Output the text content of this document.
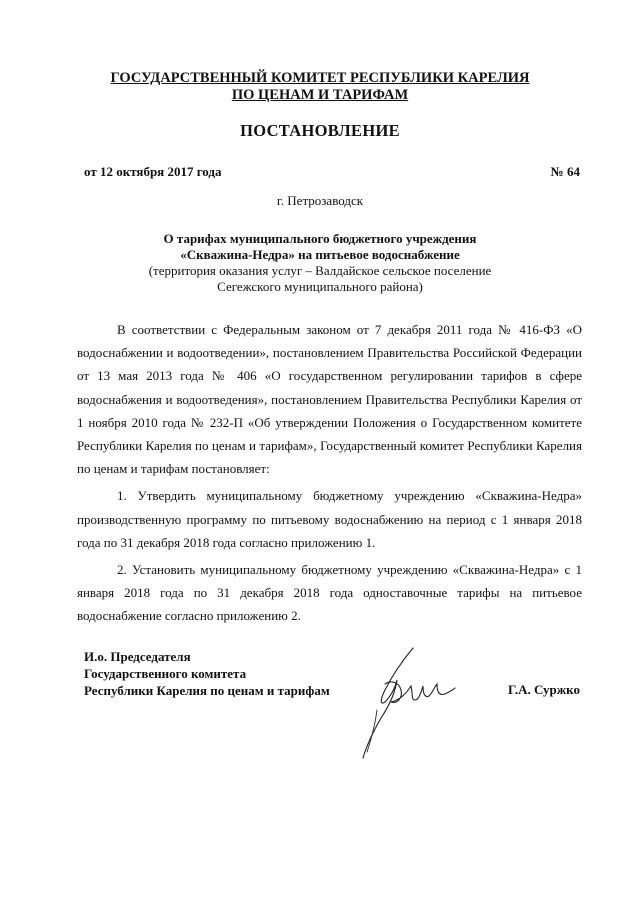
ГОСУДАРСТВЕННЫЙ КОМИТЕТ РЕСПУБЛИКИ КАРЕЛИЯ
ПО ЦЕНАМ И ТАРИФАМ
ПОСТАНОВЛЕНИЕ
от 12 октября 2017 года	№ 64
г. Петрозаводск
О тарифах муниципального бюджетного учреждения
«Скважина-Недра» на питьевое водоснабжение
(территория оказания услуг – Валдайское сельское поселение
Сегежского муниципального района)

В соответствии с Федеральным законом от 7 декабря 2011 года № 416-ФЗ «О водоснабжении и водоотведении», постановлением Правительства Российской Федерации от 13 мая 2013 года № 406 «О государственном регулировании тарифов в сфере водоснабжения и водоотведения», постановлением Правительства Республики Карелия от 1 ноября 2010 года № 232-П «Об утверждении Положения о Государственном комитете Республики Карелия по ценам и тарифам», Государственный комитет Республики Карелия по ценам и тарифам постановляет:

1. Утвердить муниципальному бюджетному учреждению «Скважина-Недра» производственную программу по питьевому водоснабжению на период с 1 января 2018 года по 31 декабря 2018 года согласно приложению 1.

2. Установить муниципальному бюджетному учреждению «Скважина-Недра» с 1 января 2018 года по 31 декабря 2018 года одноставочные тарифы на питьевое водоснабжение согласно приложению 2.

И.о. Председателя
Государственного комитета
Республики Карелия по ценам и тарифам	Г.А. Суржко
